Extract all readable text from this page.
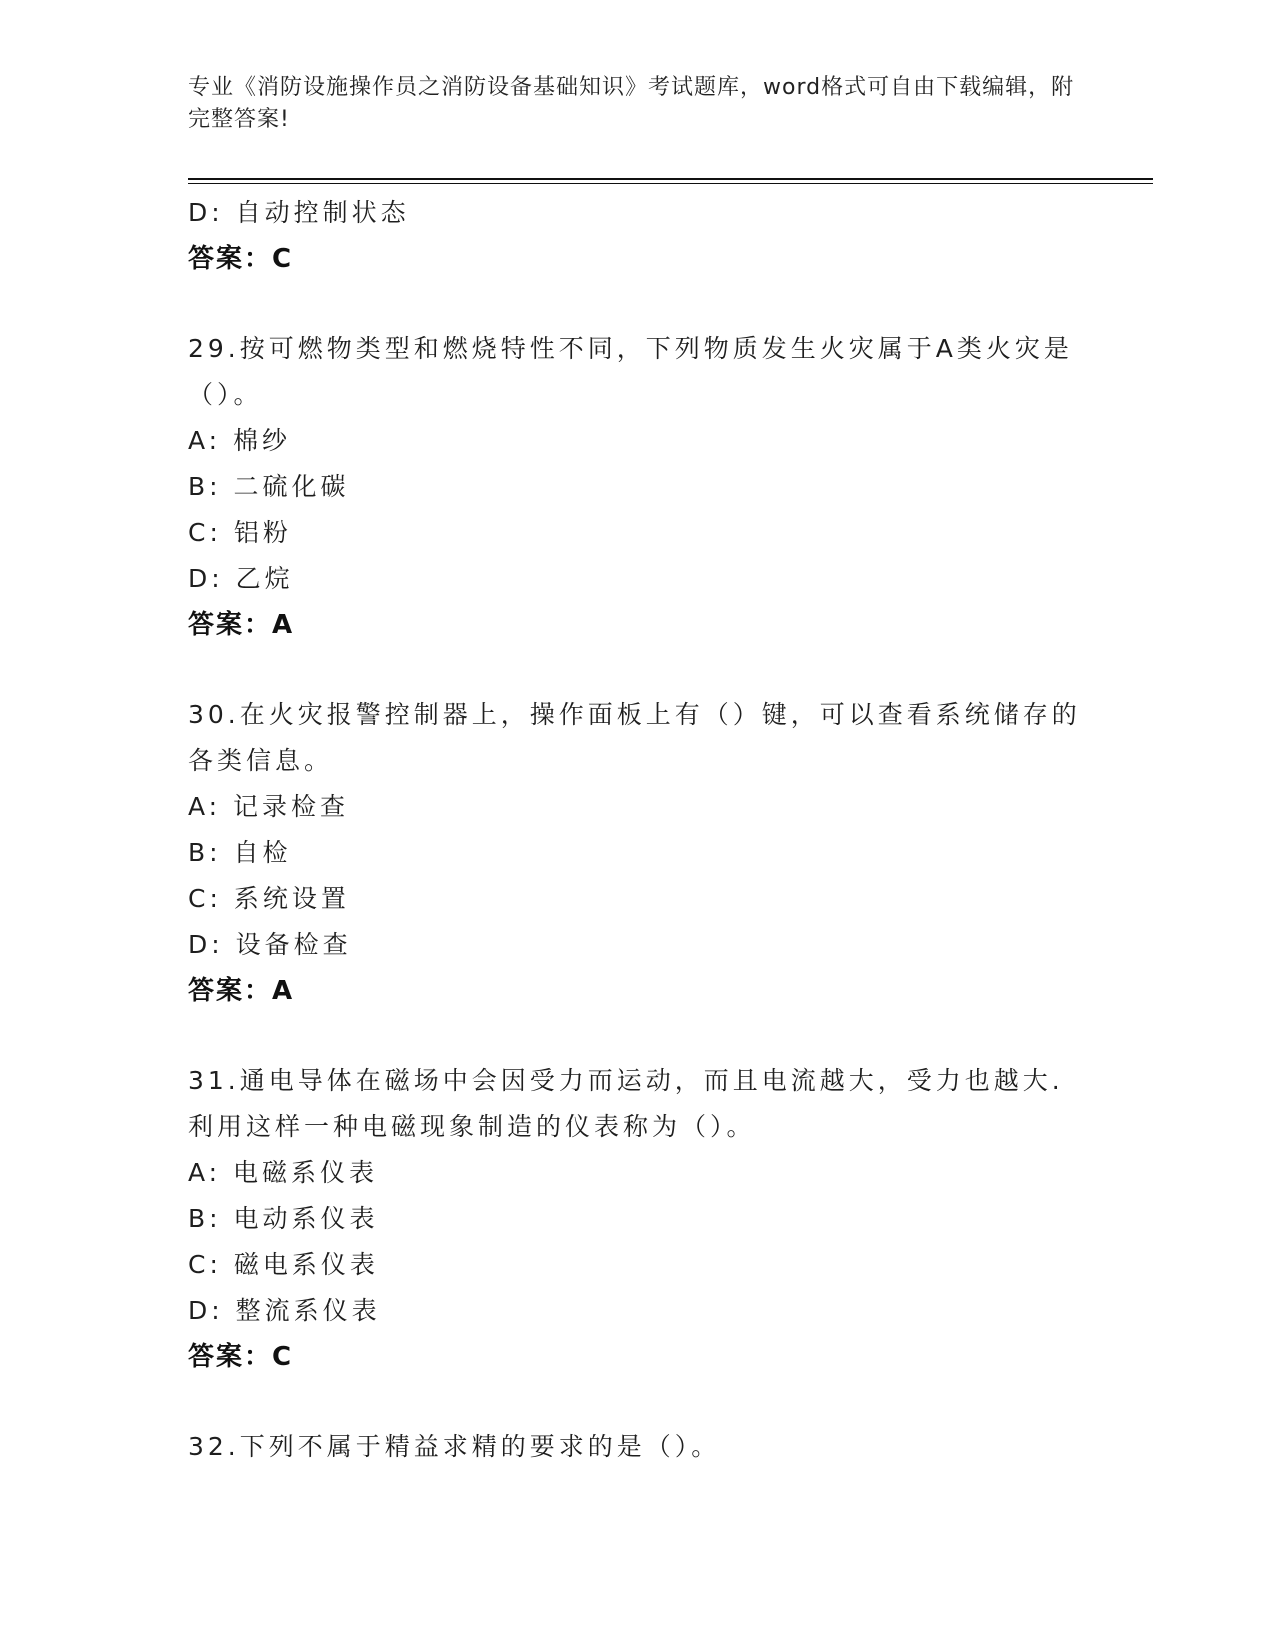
专业《消防设施操作员之消防设备基础知识》考试题库，word格式可自由下载编辑，附完整答案!
D: 自动控制状态
答案：C
29.按可燃物类型和燃烧特性不同，下列物质发生火灾属于A类火灾是（）。
A: 棉纱
B: 二硫化碳
C: 铝粉
D: 乙烷
答案：A
30.在火灾报警控制器上，操作面板上有（）键，可以查看系统储存的各类信息。
A: 记录检查
B: 自检
C: 系统设置
D: 设备检查
答案：A
31.通电导体在磁场中会因受力而运动，而且电流越大，受力也越大.利用这样一种电磁现象制造的仪表称为（）。
A: 电磁系仪表
B: 电动系仪表
C: 磁电系仪表
D: 整流系仪表
答案：C
32.下列不属于精益求精的要求的是（）。
